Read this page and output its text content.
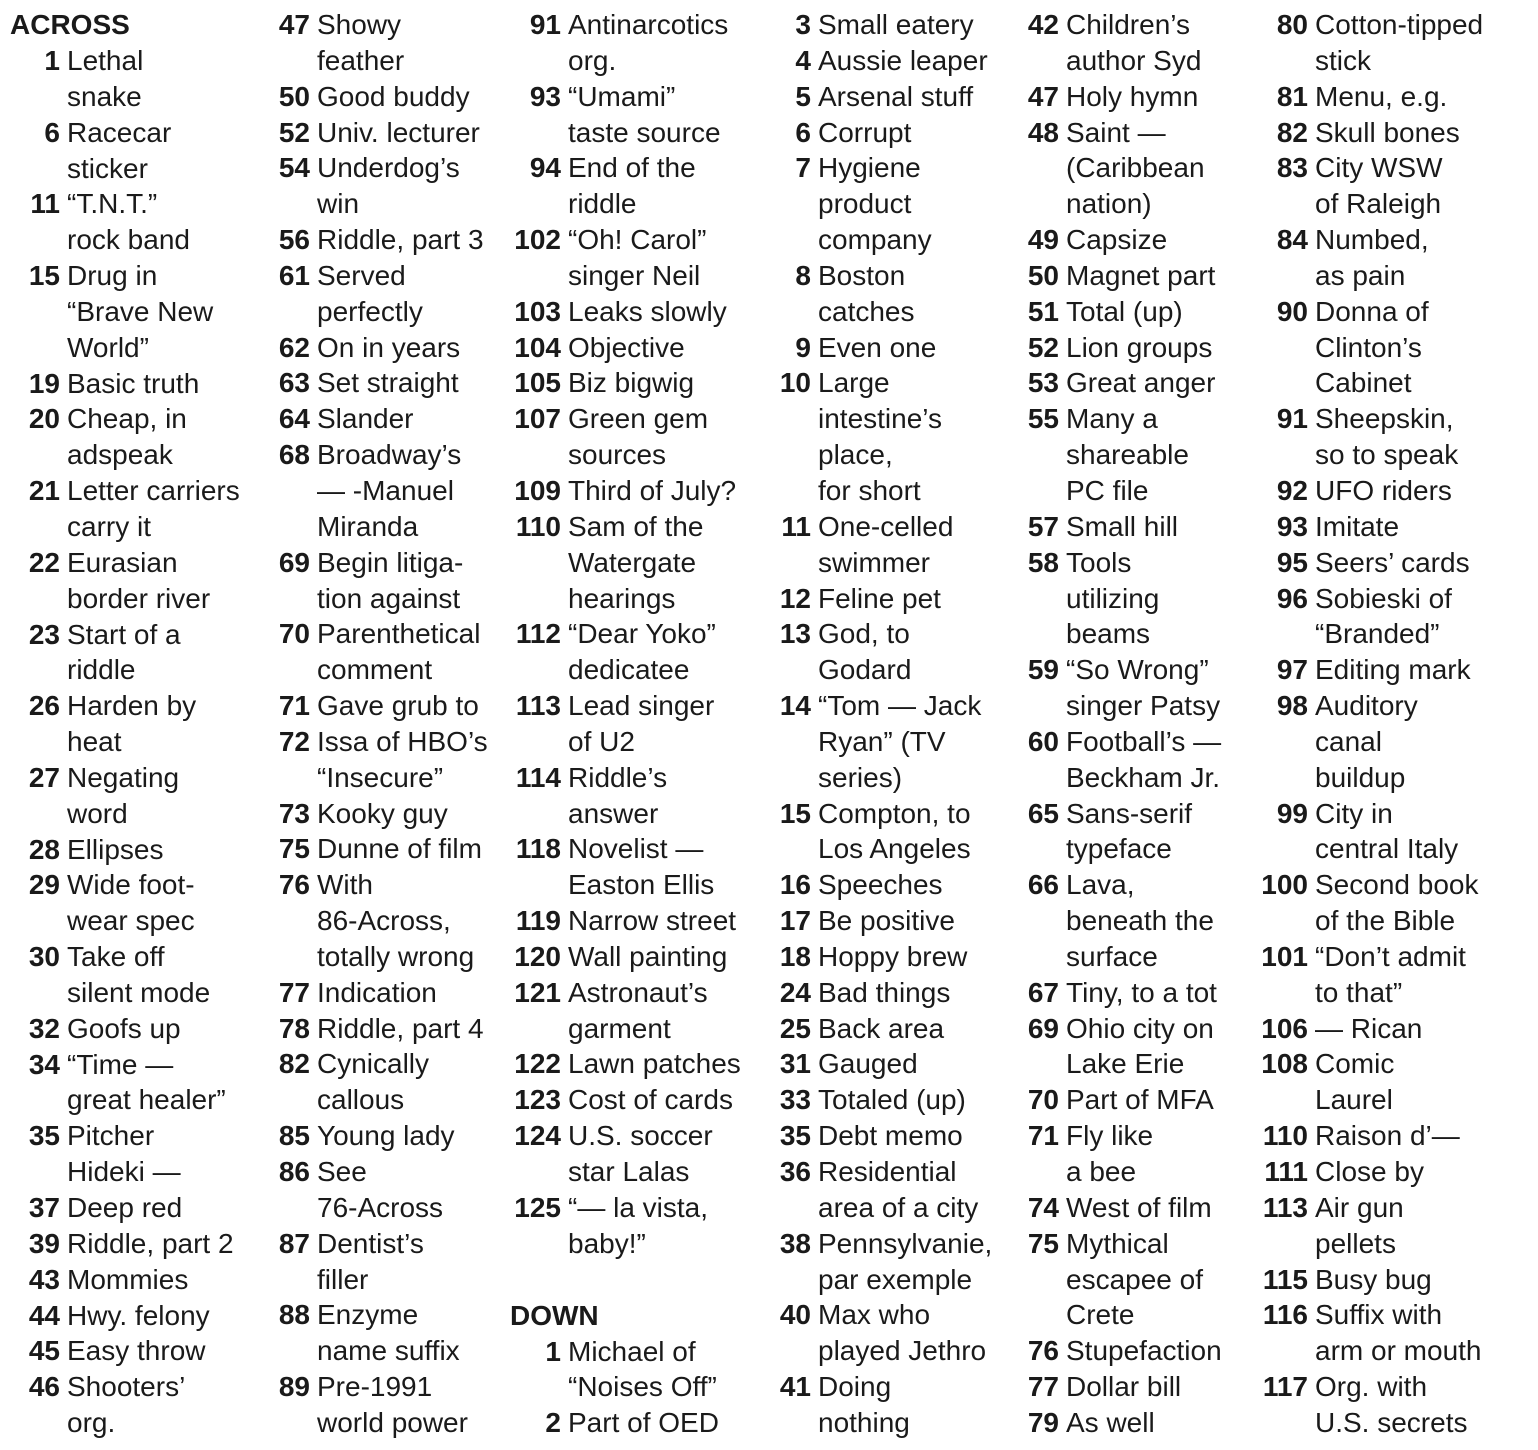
ACROSS
1 Lethal
snake
6 Racecar
sticker
11 “T.N.T.”
rock band
15 Drug in
“Brave New
World”
19 Basic truth
20 Cheap, in
adspeak
21 Letter carriers
carry it
22 Eurasian
border river
23 Start of a
riddle
26 Harden by
heat
27 Negating
word
28 Ellipses
29 Wide foot-
wear spec
30 Take off
silent mode
32 Goofs up
34 “Time —
great healer”
35 Pitcher
Hideki —
37 Deep red
39 Riddle, part 2
43 Mommies
44 Hwy. felony
45 Easy throw
46 Shooters’
org.
47 Showy
feather
50 Good buddy
52 Univ. lecturer
54 Underdog’s
win
56 Riddle, part 3
61 Served
perfectly
62 On in years
63 Set straight
64 Slander
68 Broadway’s
— -Manuel
Miranda
69 Begin litiga-
tion against
70 Parenthetical
comment
71 Gave grub to
72 Issa of HBO’s
“Insecure”
73 Kooky guy
75 Dunne of film
76 With
86-Across,
totally wrong
77 Indication
78 Riddle, part 4
82 Cynically
callous
85 Young lady
86 See
76-Across
87 Dentist’s
filler
88 Enzyme
name suffix
89 Pre-1991
world power
91 Antinarcotics
org.
93 “Umami”
taste source
94 End of the
riddle
102 “Oh! Carol”
singer Neil
103 Leaks slowly
104 Objective
105 Biz bigwig
107 Green gem
sources
109 Third of July?
110 Sam of the
Watergate
hearings
112 “Dear Yoko”
dedicatee
113 Lead singer
of U2
114 Riddle’s
answer
118 Novelist —
Easton Ellis
119 Narrow street
120 Wall painting
121 Astronaut’s
garment
122 Lawn patches
123 Cost of cards
124 U.S. soccer
star Lalas
125 “— la vista,
baby!”
DOWN
1 Michael of
“Noises Off”
2 Part of OED
3 Small eatery
4 Aussie leaper
5 Arsenal stuff
6 Corrupt
7 Hygiene
product
company
8 Boston
catches
9 Even one
10 Large
intestine’s
place,
for short
11 One-celled
swimmer
12 Feline pet
13 God, to
Godard
14 “Tom — Jack
Ryan” (TV
series)
15 Compton, to
Los Angeles
16 Speeches
17 Be positive
18 Hoppy brew
24 Bad things
25 Back area
31 Gauged
33 Totaled (up)
35 Debt memo
36 Residential
area of a city
38 Pennsylvanie,
par exemple
40 Max who
played Jethro
41 Doing
nothing
42 Children’s
author Syd
47 Holy hymn
48 Saint —
(Caribbean
nation)
49 Capsize
50 Magnet part
51 Total (up)
52 Lion groups
53 Great anger
55 Many a
shareable
PC file
57 Small hill
58 Tools
utilizing
beams
59 “So Wrong”
singer Patsy
60 Football’s —
Beckham Jr.
65 Sans-serif
typeface
66 Lava,
beneath the
surface
67 Tiny, to a tot
69 Ohio city on
Lake Erie
70 Part of MFA
71 Fly like
a bee
74 West of film
75 Mythical
escapee of
Crete
76 Stupefaction
77 Dollar bill
79 As well
80 Cotton-tipped
stick
81 Menu, e.g.
82 Skull bones
83 City WSW
of Raleigh
84 Numbed,
as pain
90 Donna of
Clinton’s
Cabinet
91 Sheepskin,
so to speak
92 UFO riders
93 Imitate
95 Seers’ cards
96 Sobieski of
“Branded”
97 Editing mark
98 Auditory
canal
buildup
99 City in
central Italy
100 Second book
of the Bible
101 “Don’t admit
to that”
106 — Rican
108 Comic
Laurel
110 Raison d’—
111 Close by
113 Air gun
pellets
115 Busy bug
116 Suffix with
arm or mouth
117 Org. with
U.S. secrets
